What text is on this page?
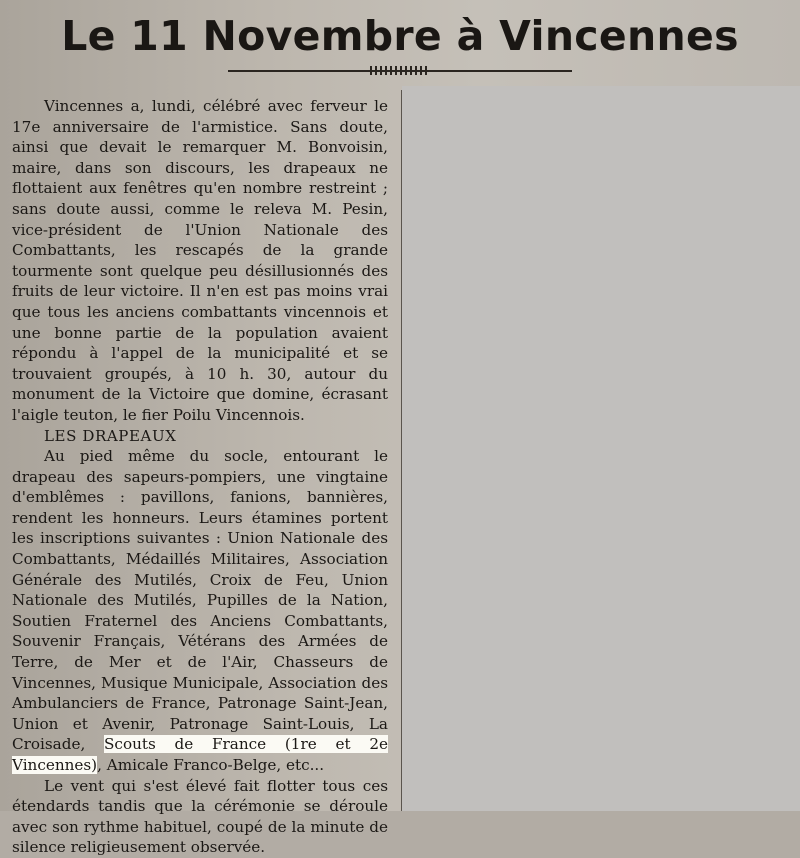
Le 11 Novembre à Vincennes

Vincennes a, lundi, célébré avec ferveur le 17e anniversaire de l'armistice. Sans doute, ainsi que devait le remarquer M. Bonvoisin, maire, dans son discours, les drapeaux ne flottaient aux fenêtres qu'en nombre restreint ; sans doute aussi, comme le releva M. Pesin, vice-président de l'Union Nationale des Combattants, les rescapés de la grande tourmente sont quelque peu désillusionnés des fruits de leur victoire. Il n'en est pas moins vrai que tous les anciens combattants vincennois et une bonne partie de la population avaient répondu à l'appel de la municipalité et se trouvaient groupés, à 10 h. 30, autour du monument de la Victoire que domine, écrasant l'aigle teuton, le fier Poilu Vincennois.

LES DRAPEAUX

Au pied même du socle, entourant le drapeau des sapeurs-pompiers, une vingtaine d'emblêmes : pavillons, fanions, bannières, rendent les honneurs. Leurs étamines portent les inscriptions suivantes : Union Nationale des Combattants, Médaillés Militaires, Association Générale des Mutilés, Croix de Feu, Union Nationale des Mutilés, Pupilles de la Nation, Soutien Fraternel des Anciens Combattants, Souvenir Français, Vétérans des Armées de Terre, de Mer et de l'Air, Chasseurs de Vincennes, Musique Municipale, Association des Ambulanciers de France, Patronage Saint-Jean, Union et Avenir, Patronage Saint-Louis, La Croisade, Scouts de France (1re et 2e Vincennes), Amicale Franco-Belge, etc...

Le vent qui s'est élevé fait flotter tous ces étendards tandis que la cérémonie se déroule avec son rythme habituel, coupé de la minute de silence religieusement observée.
